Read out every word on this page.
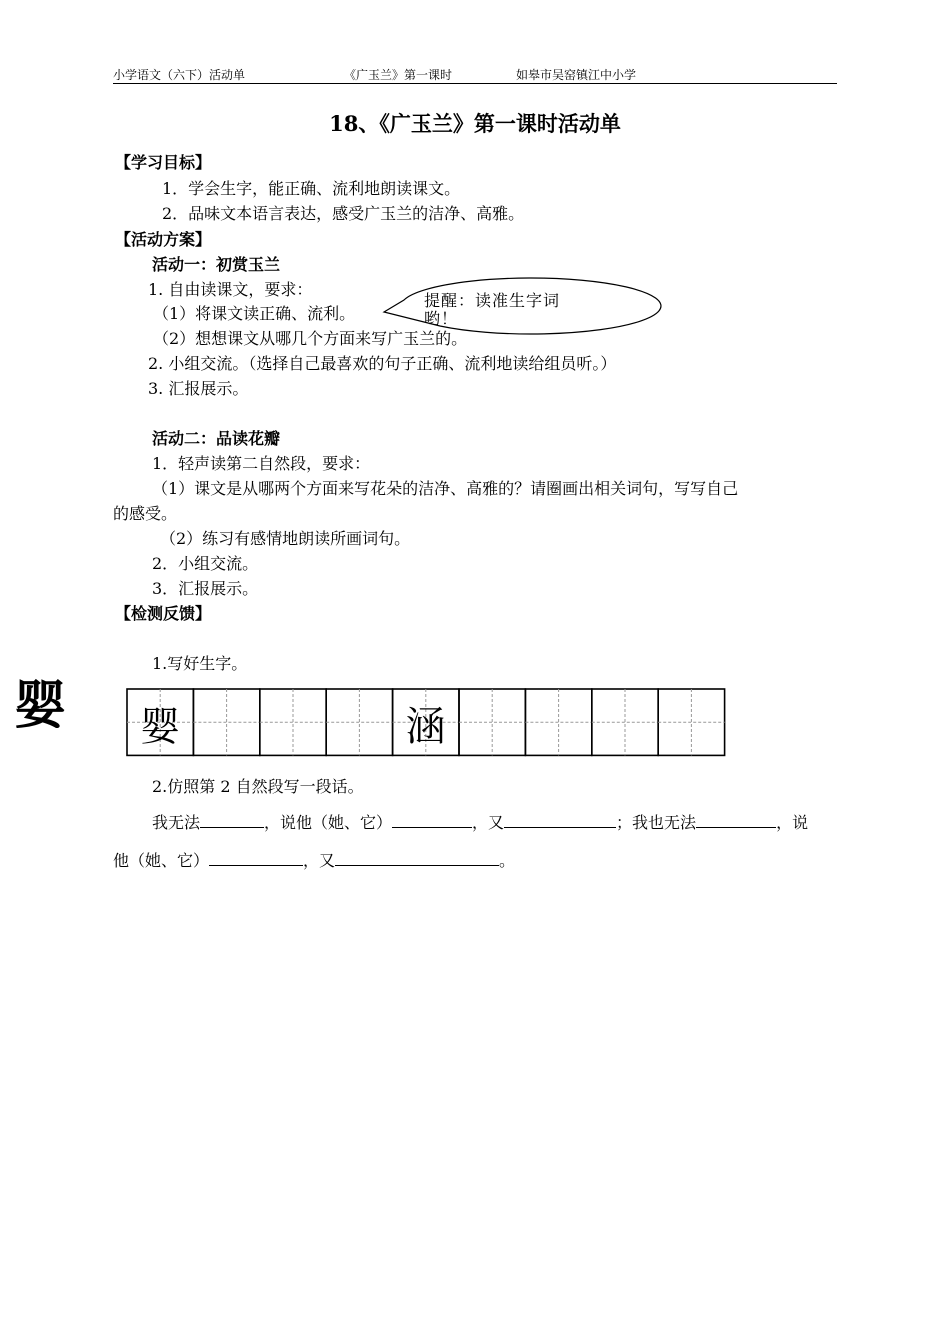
小学语文（六下）活动单	《广玉兰》第一课时	如皋市吴窑镇江中小学
18、《广玉兰》第一课时活动单
【学习目标】
1．学会生字，能正确、流利地朗读课文。
2．品味文本语言表达，感受广玉兰的洁净、高雅。
【活动方案】
活动一：初赏玉兰
1. 自由读课文，要求：
（1）将课文读正确、流利。
（2）想想课文从哪几个方面来写广玉兰的。
2. 小组交流。（选择自己最喜欢的句子正确、流利地读给组员听。）
3. 汇报展示。
提醒：读准生字词哟！
活动二：品读花瓣
1．轻声读第二自然段，要求：
（1）课文是从哪两个方面来写花朵的洁净、高雅的？请圈画出相关词句，写写自己
的感受。
（2）练习有感情地朗读所画词句。
2．小组交流。
3．汇报展示。
【检测反馈】
1.写好生字。
婴 婴	涵
2.仿照第 2 自然段写一段话。
我无法	，说他（她、它）	，又	；我也无法	，说
他（她、它）	，又	。
